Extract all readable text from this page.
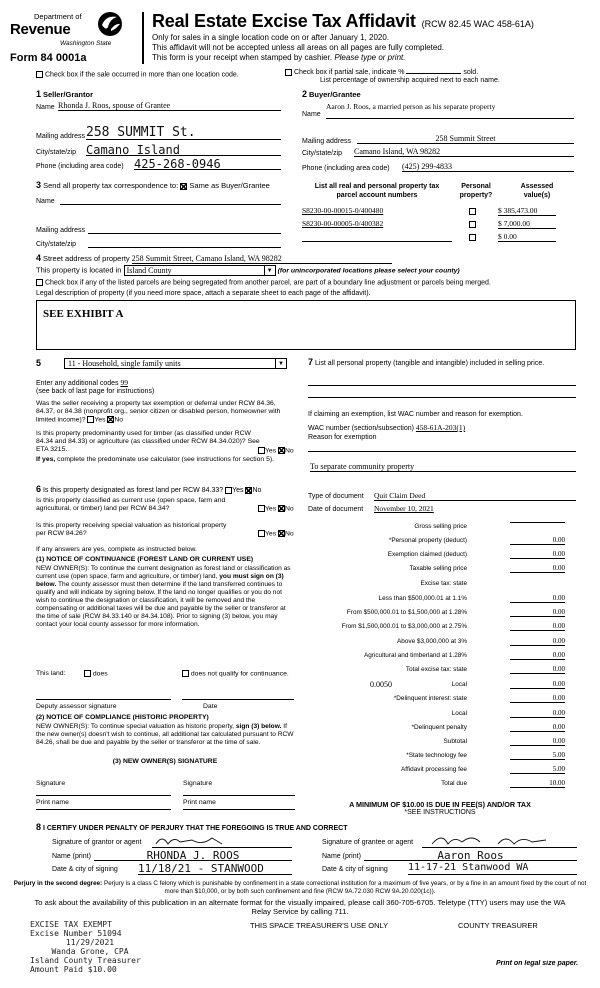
Department of
Revenue
Washington State
Form 84 0001a
Real Estate Excise Tax Affidavit (RCW 82.45 WAC 458-61A)
Only for sales in a single location code on or after January 1, 2020.
This affidavit will not be accepted unless all areas on all pages are fully completed.
This form is your receipt when stamped by cashier. Please type or print.
Check box if the sale occurred in more than one location code.	Check box if partial sale, indicate %	sold.
List percentage of ownership acquired next to each name.
1 Seller/Grantor
Name Rhonda J. Roos, spouse of Grantee
Mailing address 258 SUMMIT St.
City/state/zip Camano Island
Phone (including area code) 425-268-0946
2 Buyer/Grantee
Name
Aaron J. Roos, a married person as his separate property
Mailing address	258 Summit Street
City/state/zip Camano Island, WA 98282
Phone (including area code) (425) 299-4833
3 Send all property tax correspondence to: Same as Buyer/Grantee
Name
Mailing address
City/state/zip
List all real and personal property tax
parcel account numbers
Personal
property?
Assessed
value(s)
S8230-00-00015-0/400480	$ 385,473.00
S8230-00-00005-0/400382	$ 7,000.00
$ 0.00
4 Street address of property 258 Summit Street, Camano Island, WA 98282
This property is located in Island County	▼ (for unincorporated locations please select your county)
Check box if any of the listed parcels are being segregated from another parcel, are part of a boundary line adjustment or parcels being merged.
Legal description of property (if you need more space, attach a separate sheet to each page of the affidavit).
SEE EXHIBIT A
5	11 - Household, single family units	▼
Enter any additional codes 99
(see back of last page for instructions)
Was the seller receiving a property tax exemption or deferral under RCW 84.36, 84.37, or 84.38 (nonprofit org., senior citizen or disabled person, homeowner with limited income)? Yes No
Is this property predominantly used for timber (as classified under RCW 84.34 and 84.33) or agriculture (as classified under RCW 84.34.020)? See ETA 3215.	Yes No
If yes, complete the predominate use calculator (see instructions for section 5).
6 Is this property designated as forest land per RCW 84.33? Yes No
Is this property classified as current use (open space, farm and agricultural, or timber) land per RCW 84.34?	Yes No
Is this property receiving special valuation as historical property per RCW 84.26?	Yes No
If any answers are yes, complete as instructed below.
(1) NOTICE OF CONTINUANCE (FOREST LAND OR CURRENT USE)
NEW OWNER(S): To continue the current designation as forest land or classification as current use (open space, farm and agriculture, or timber) land, you must sign on (3) below. The county assessor must then determine if the land transferred continues to qualify and will indicate by signing below. If the land no longer qualifies or you do not wish to continue the designation or classification, it will be removed and the compensating or additional taxes will be due and payable by the seller or transferor at the time of sale (RCW 84.33.140 or 84.34.108). Prior to signing (3) below, you may contact your local county assessor for more information.
This land:	does	does not qualify for continuance.
Deputy assessor signature	Date
(2) NOTICE OF COMPLIANCE (HISTORIC PROPERTY)
NEW OWNER(S): To continue special valuation as historic property, sign (3) below. If the new owner(s) doesn't wish to continue, all additional tax calculated pursuant to RCW 84.26, shall be due and payable by the seller or transferor at the time of sale.
(3) NEW OWNER(S) SIGNATURE
Signature	Signature
Print name	Print name
7 List all personal property (tangible and intangible) included in selling price.
If claiming an exemption, list WAC number and reason for exemption.
WAC number (section/subsection) 458-61A-203(1)
Reason for exemption
To separate community property
Type of document Quit Claim Deed
Date of document November 10, 2021
Gross selling price
*Personal property (deduct)	0.00
Exemption claimed (deduct)	0.00
Taxable selling price	0.00
Excise tax: state
Less than $500,000.01 at 1.1%	0.00
From $500,000.01 to $1,500,000 at 1.28%	0.00
From $1,500,000.01 to $3,000,000 at 2.75%	0.00
Above $3,000,000 at 3%	0.00
Agricultural and timberland at 1.28%	0.00
Total excise tax: state	0.00
0.0050	Local	0.00
*Delinquent interest: state	0.00
Local	0.00
*Delinquent penalty	0.00
Subtotal	0.00
*State technology fee	5.00
Affidavit processing fee	5.00
Total due	10.00
A MINIMUM OF $10.00 IS DUE IN FEE(S) AND/OR TAX
*SEE INSTRUCTIONS
8 I CERTIFY UNDER PENALTY OF PERJURY THAT THE FOREGOING IS TRUE AND CORRECT
Signature of grantor or agent
Name (print)	RHONDA J. ROOS
Date & city of signing 11/18/21 - STANWOOD
Signature of grantee or agent
Name (print)	Aaron Roos
Date & city of signing 11-17-21 Stanwood WA
Perjury in the second degree: Perjury is a class C felony which is punishable by confinement in a state correctional institution for a maximum of five years, or by a fine in an amount fixed by the court of not more than $10,000, or by both such confinement and fine (RCW 9A.72.030 RCW 9A.20.020(1c)).
To ask about the availability of this publication in an alternate format for the visually impaired, please call 360-705-6705. Teletype (TTY) users may use the WA Relay Service by calling 711.
EXCISE TAX EXEMPT
Excise Number 51094
11/29/2021
Wanda Grone, CPA
Island County Treasurer
Amount Paid $10.00
THIS SPACE TREASURER'S USE ONLY	COUNTY TREASURER
Print on legal size paper.
